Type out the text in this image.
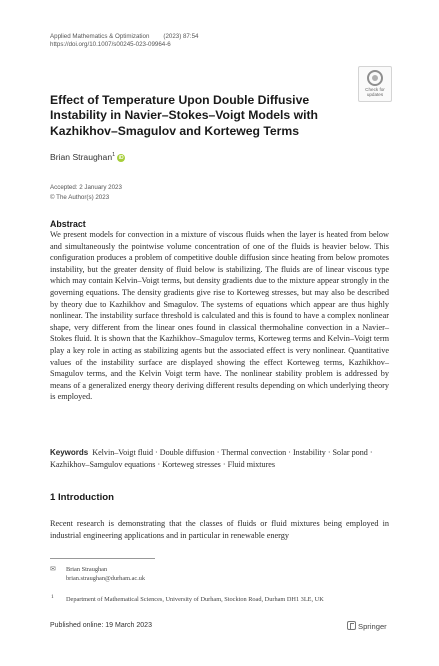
Applied Mathematics & Optimization (2023) 87:54
https://doi.org/10.1007/s00245-023-09964-6
Check for
updates
Effect of Temperature Upon Double Diffusive Instability in Navier–Stokes–Voigt Models with Kazhikhov–Smagulov and Korteweg Terms
Brian Straughan$^1$ iD
Accepted: 2 January 2023
© The Author(s) 2023
Abstract
We present models for convection in a mixture of viscous fluids when the layer is heated from below and simultaneously the pointwise volume concentration of one of the fluids is heavier below. This configuration produces a problem of competitive double diffusion since heating from below promotes instability, but the greater density of fluid below is stabilizing. The fluids are of linear viscous type which may contain Kelvin–Voigt terms, but density gradients due to the mixture appear strongly in the governing equations. The density gradients give rise to Korteweg stresses, but may also be described by theory due to Kazhikhov and Smagulov. The systems of equations which appear are thus highly nonlinear. The instability surface threshold is calculated and this is found to have a complex nonlinear shape, very different from the linear ones found in classical thermohaline convection in a Navier–Stokes fluid. It is shown that the Kazhikhov–Smagulov terms, Korteweg terms and Kelvin–Voigt term play a key role in acting as stabilizing agents but the associated effect is very nonlinear. Quantitative values of the instability surface are displayed showing the effect Korteweg terms, Kazhikhov–Smagulov terms, and the Kelvin Voigt term have. The nonlinear stability problem is addressed by means of a generalized energy theory deriving different results depending on which underlying theory is employed.
Keywords Kelvin–Voigt fluid · Double diffusion · Thermal convection · Instability · Solar pond · Kazhikhov–Samgulov equations · Korteweg stresses · Fluid mixtures
1 Introduction
Recent research is demonstrating that the classes of fluids or fluid mixtures being employed in industrial engineering applications and in particular in renewable energy
✉ Brian Straughan
brian.straughan@durham.ac.uk
1 Department of Mathematical Sciences, University of Durham, Stockton Road, Durham DH1 3LE, UK
Published online: 19 March 2023	Springer
